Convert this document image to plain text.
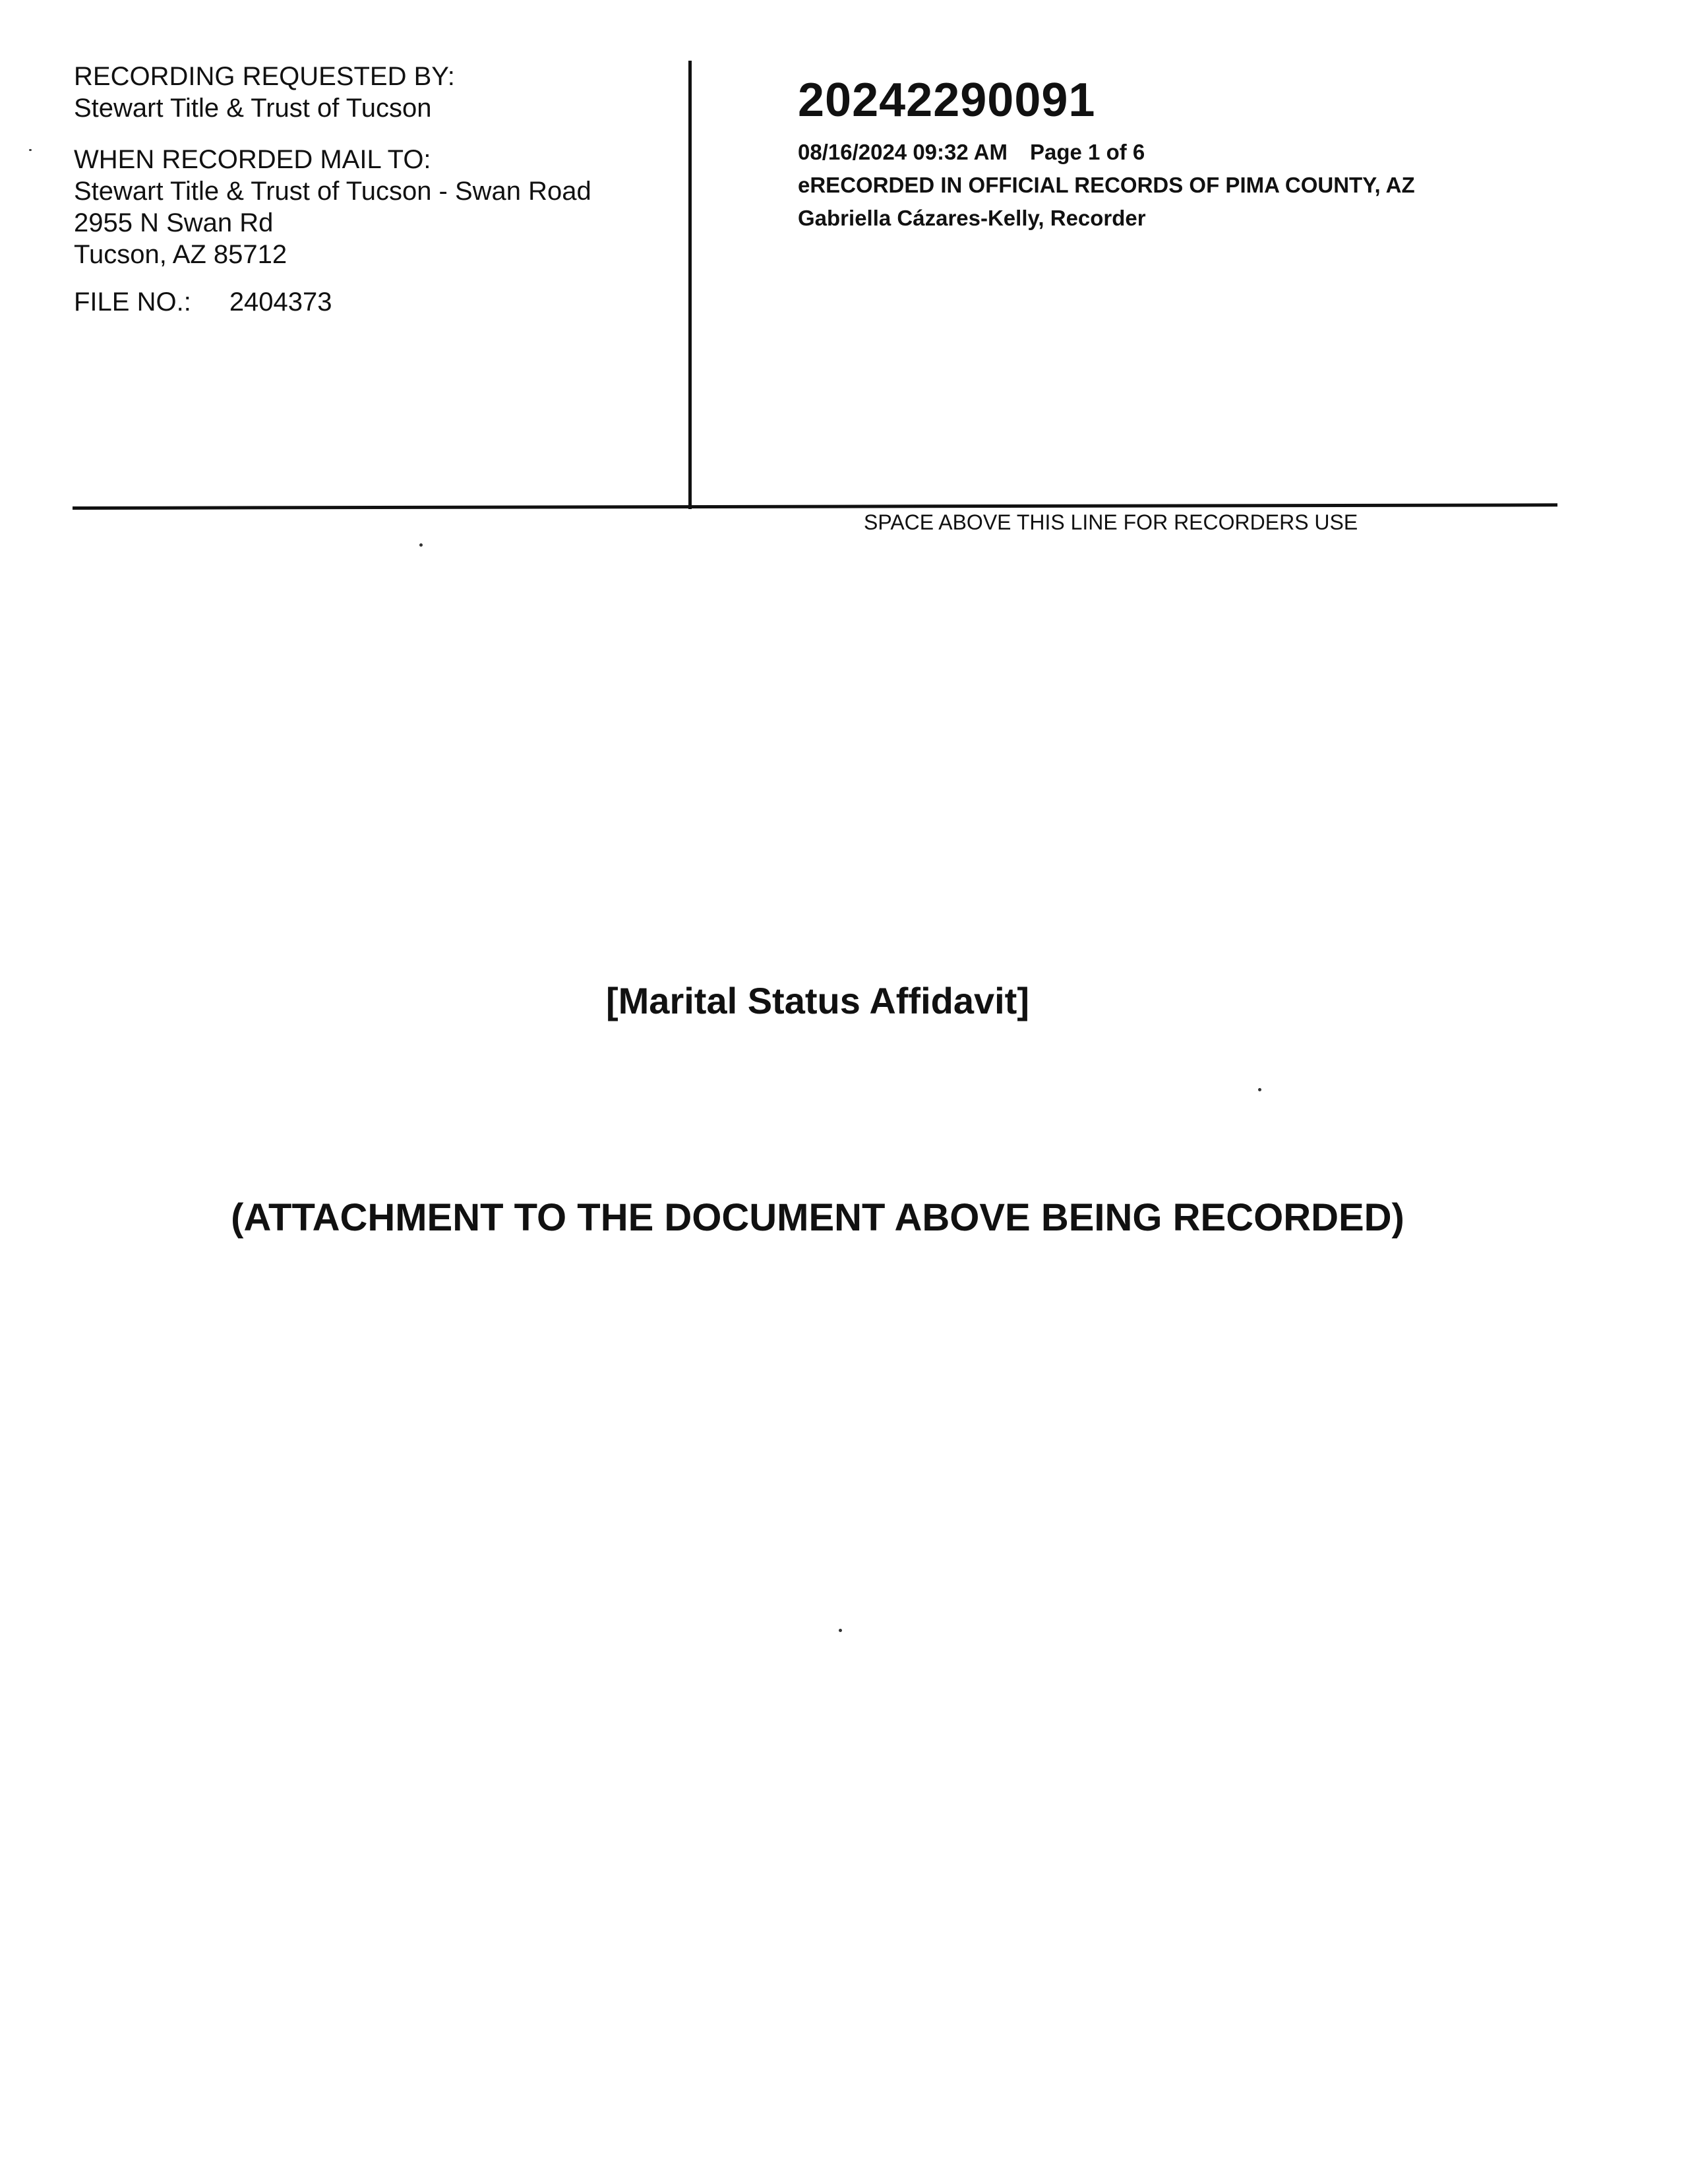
RECORDING REQUESTED BY:

Stewart Title & Trust of Tucson

WHEN RECORDED MAIL TO:

Stewart Title & Trust of Tucson - Swan Road

2955 N Swan Rd

Tucson, AZ 85712

FILE NO.: 2404373

20242290091

08/16/2024 09:32 AM Page 1 of 6

eRECORDED IN OFFICIAL RECORDS OF PIMA COUNTY, AZ

Gabriella Cázares-Kelly, Recorder

SPACE ABOVE THIS LINE FOR RECORDERS USE
[Marital Status Affidavit]
(ATTACHMENT TO THE DOCUMENT ABOVE BEING RECORDED)
